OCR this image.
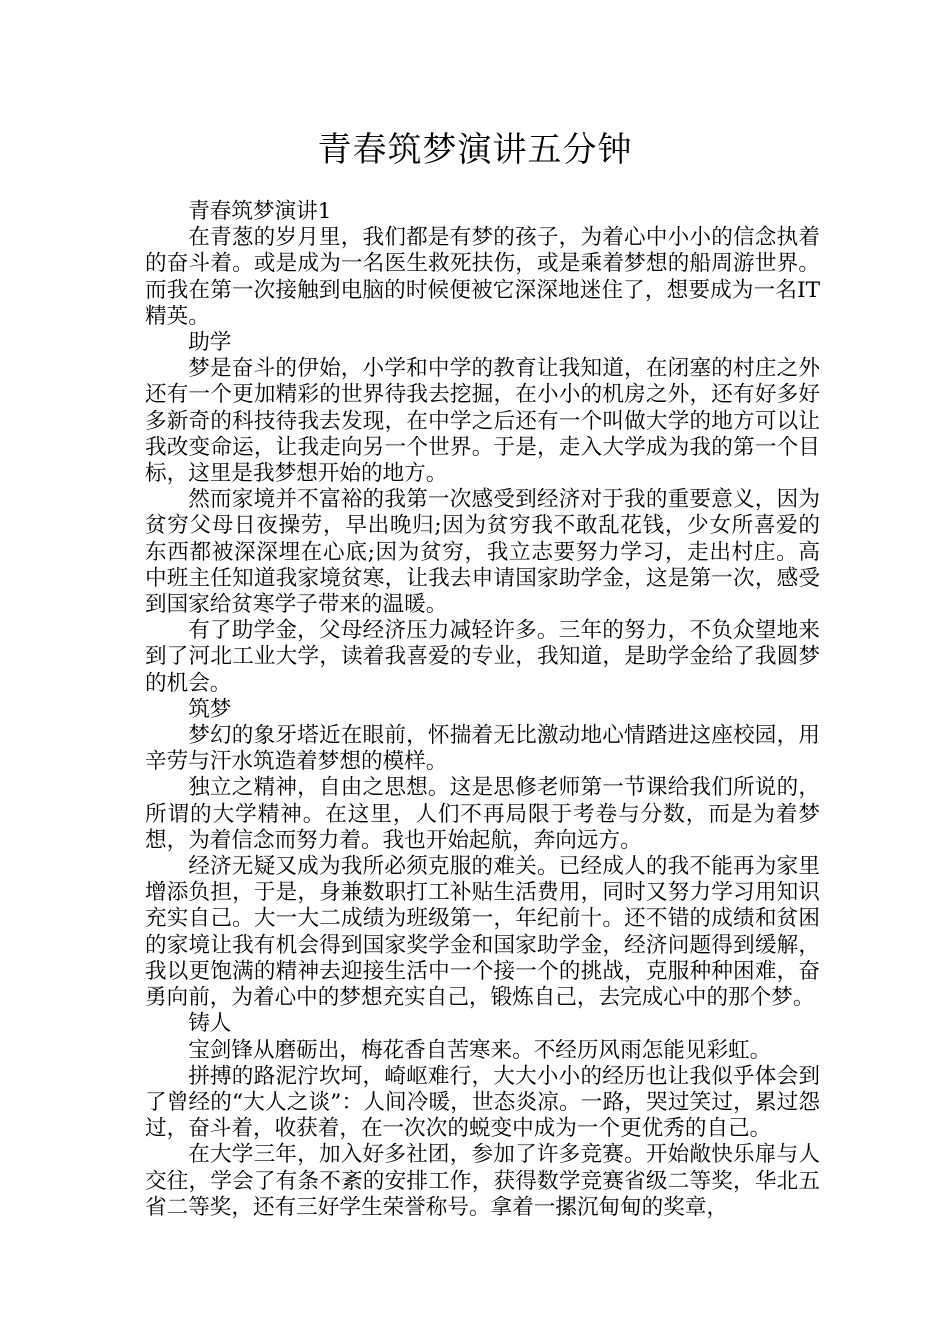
青春筑梦演讲五分钟

青春筑梦演讲1

在青葱的岁月里，我们都是有梦的孩子，为着心中小小的信念执着的奋斗着。或是成为一名医生救死扶伤，或是乘着梦想的船周游世界。而我在第一次接触到电脑的时候便被它深深地迷住了，想要成为一名IT精英。

助学

梦是奋斗的伊始，小学和中学的教育让我知道，在闭塞的村庄之外还有一个更加精彩的世界待我去挖掘，在小小的机房之外，还有好多好多新奇的科技待我去发现，在中学之后还有一个叫做大学的地方可以让我改变命运，让我走向另一个世界。于是，走入大学成为我的第一个目标，这里是我梦想开始的地方。

然而家境并不富裕的我第一次感受到经济对于我的重要意义，因为贫穷父母日夜操劳，早出晚归;因为贫穷我不敢乱花钱，少女所喜爱的东西都被深深埋在心底;因为贫穷，我立志要努力学习，走出村庄。高中班主任知道我家境贫寒，让我去申请国家助学金，这是第一次，感受到国家给贫寒学子带来的温暖。

有了助学金，父母经济压力减轻许多。三年的努力，不负众望地来到了河北工业大学，读着我喜爱的专业，我知道，是助学金给了我圆梦的机会。

筑梦

梦幻的象牙塔近在眼前，怀揣着无比激动地心情踏进这座校园，用辛劳与汗水筑造着梦想的模样。

独立之精神，自由之思想。这是思修老师第一节课给我们所说的，所谓的大学精神。在这里，人们不再局限于考卷与分数，而是为着梦想，为着信念而努力着。我也开始起航，奔向远方。

经济无疑又成为我所必须克服的难关。已经成人的我不能再为家里增添负担，于是，身兼数职打工补贴生活费用，同时又努力学习用知识充实自己。大一大二成绩为班级第一，年纪前十。还不错的成绩和贫困的家境让我有机会得到国家奖学金和国家助学金，经济问题得到缓解，我以更饱满的精神去迎接生活中一个接一个的挑战，克服种种困难，奋勇向前，为着心中的梦想充实自己，锻炼自己，去完成心中的那个梦。

铸人

宝剑锋从磨砺出，梅花香自苦寒来。不经历风雨怎能见彩虹。

拼搏的路泥泞坎坷，崎岖难行，大大小小的经历也让我似乎体会到了曾经的“大人之谈”：人间冷暖，世态炎凉。一路，哭过笑过，累过怨过，奋斗着，收获着，在一次次的蜕变中成为一个更优秀的自己。

在大学三年，加入好多社团，参加了许多竞赛。开始敞快乐扉与人交往，学会了有条不紊的安排工作，获得数学竞赛省级二等奖，华北五省二等奖，还有三好学生荣誉称号。拿着一摞沉甸甸的奖章，
